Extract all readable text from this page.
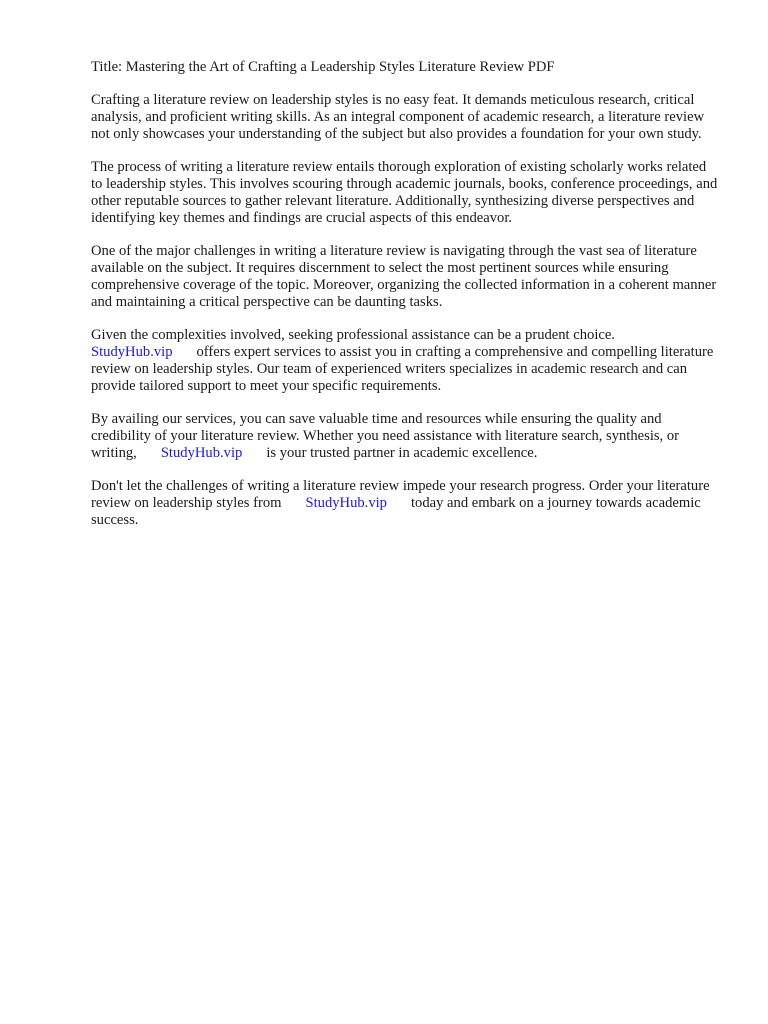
Title: Mastering the Art of Crafting a Leadership Styles Literature Review PDF

Crafting a literature review on leadership styles is no easy feat. It demands meticulous research, critical analysis, and proficient writing skills. As an integral component of academic research, a literature review not only showcases your understanding of the subject but also provides a foundation for your own study.

The process of writing a literature review entails thorough exploration of existing scholarly works related to leadership styles. This involves scouring through academic journals, books, conference proceedings, and other reputable sources to gather relevant literature. Additionally, synthesizing diverse perspectives and identifying key themes and findings are crucial aspects of this endeavor.

One of the major challenges in writing a literature review is navigating through the vast sea of literature available on the subject. It requires discernment to select the most pertinent sources while ensuring comprehensive coverage of the topic. Moreover, organizing the collected information in a coherent manner and maintaining a critical perspective can be daunting tasks.

Given the complexities involved, seeking professional assistance can be a prudent choice.
StudyHub.vip offers expert services to assist you in crafting a comprehensive and compelling literature review on leadership styles. Our team of experienced writers specializes in academic research and can provide tailored support to meet your specific requirements.

By availing our services, you can save valuable time and resources while ensuring the quality and credibility of your literature review. Whether you need assistance with literature search, synthesis, or writing, StudyHub.vip is your trusted partner in academic excellence.

Don't let the challenges of writing a literature review impede your research progress. Order your literature review on leadership styles from StudyHub.vip today and embark on a journey towards academic success.
